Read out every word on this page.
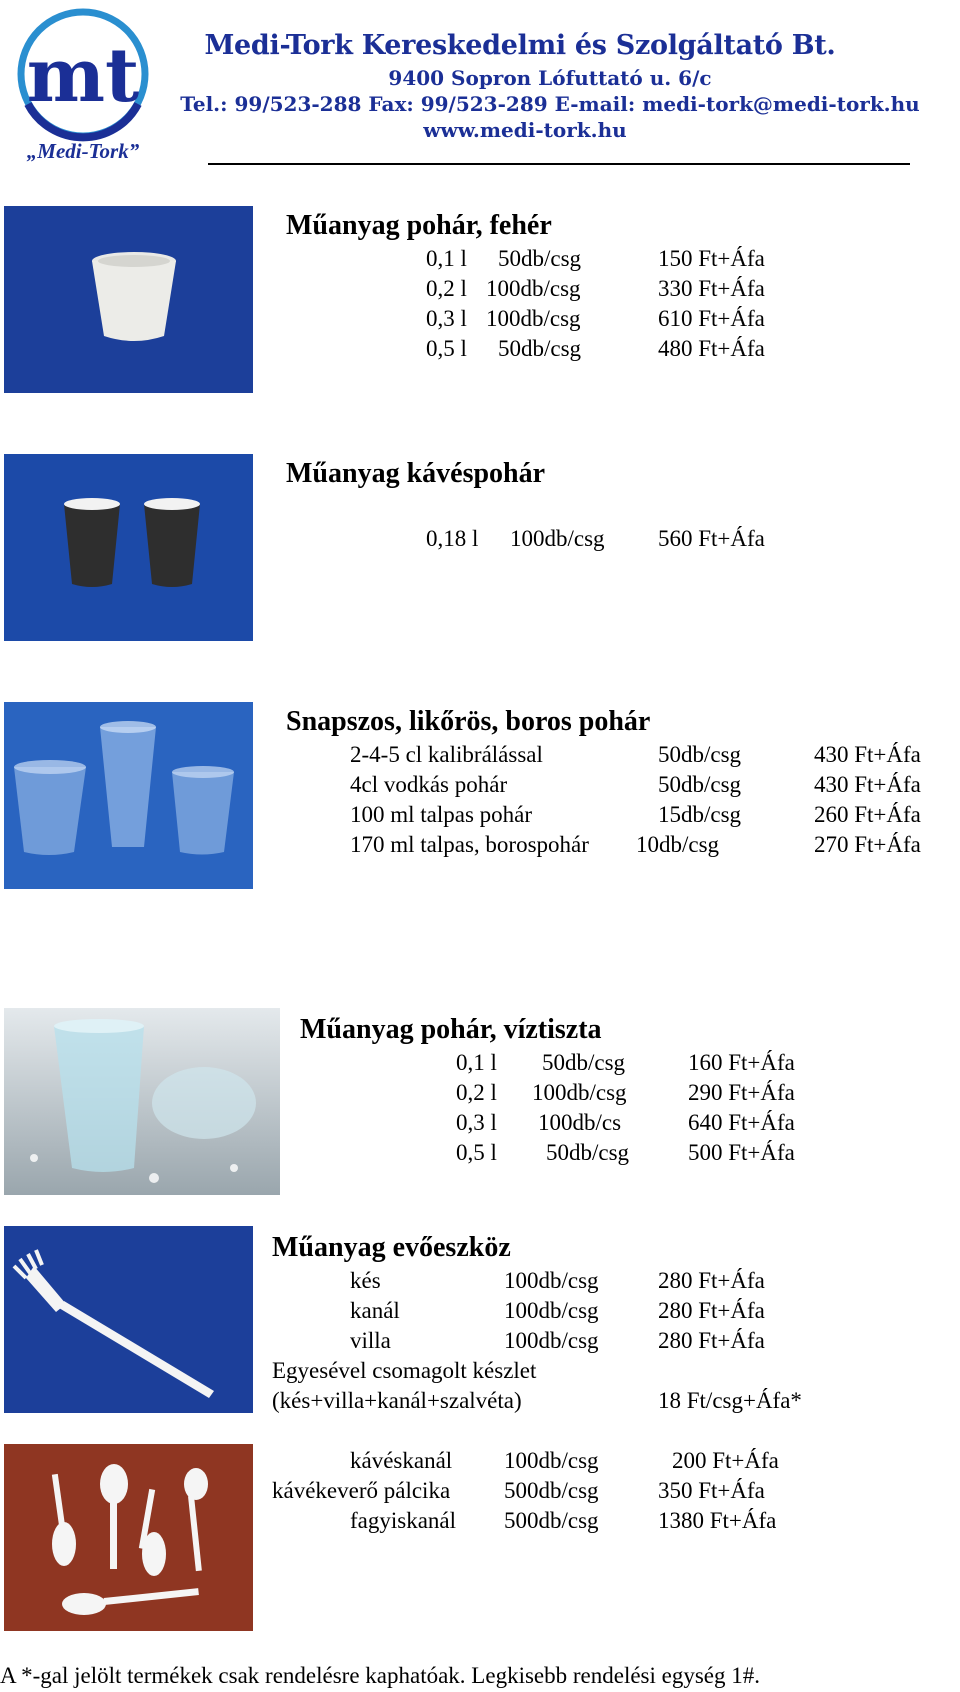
mt
„Medi-Tork”
Medi-Tork Kereskedelmi és Szolgáltató Bt.
9400 Sopron Lófuttató u. 6/c
Tel.: 99/523-288 Fax: 99/523-289 E-mail: medi-tork@medi-tork.hu
www.medi-tork.hu
Műanyag pohár, fehér
0,1 l 50db/csg	150 Ft+Áfa
0,2 l 100db/csg	330 Ft+Áfa
0,3 l 100db/csg	610 Ft+Áfa
0,5 l 50db/csg	480 Ft+Áfa
Műanyag kávéspohár
0,18 l 100db/csg 560 Ft+Áfa
Snapszos, likőrös, boros pohár
2-4-5 cl kalibrálással	50db/csg	430 Ft+Áfa
4cl vodkás pohár	50db/csg	430 Ft+Áfa
100 ml talpas pohár	15db/csg	260 Ft+Áfa
170 ml talpas, borospohár 10db/csg	270 Ft+Áfa
Műanyag pohár, víztiszta
0,1 l 50db/csg	160 Ft+Áfa
0,2 l 100db/csg	290 Ft+Áfa
0,3 l 100db/cs	640 Ft+Áfa
0,5 l 50db/csg	500 Ft+Áfa
Műanyag evőeszköz
kés	100db/csg	280 Ft+Áfa
kanál	100db/csg	280 Ft+Áfa
villa	100db/csg	280 Ft+Áfa
Egyesével csomagolt készlet
(kés+villa+kanál+szalvéta)	18 Ft/csg+Áfa*
kávéskanál 100db/csg	200 Ft+Áfa
kávékeverő pálcika 500db/csg	350 Ft+Áfa
fagyiskanál 500db/csg	1380 Ft+Áfa
A *-gal jelölt termékek csak rendelésre kaphatóak. Legkisebb rendelési egység 1#.
